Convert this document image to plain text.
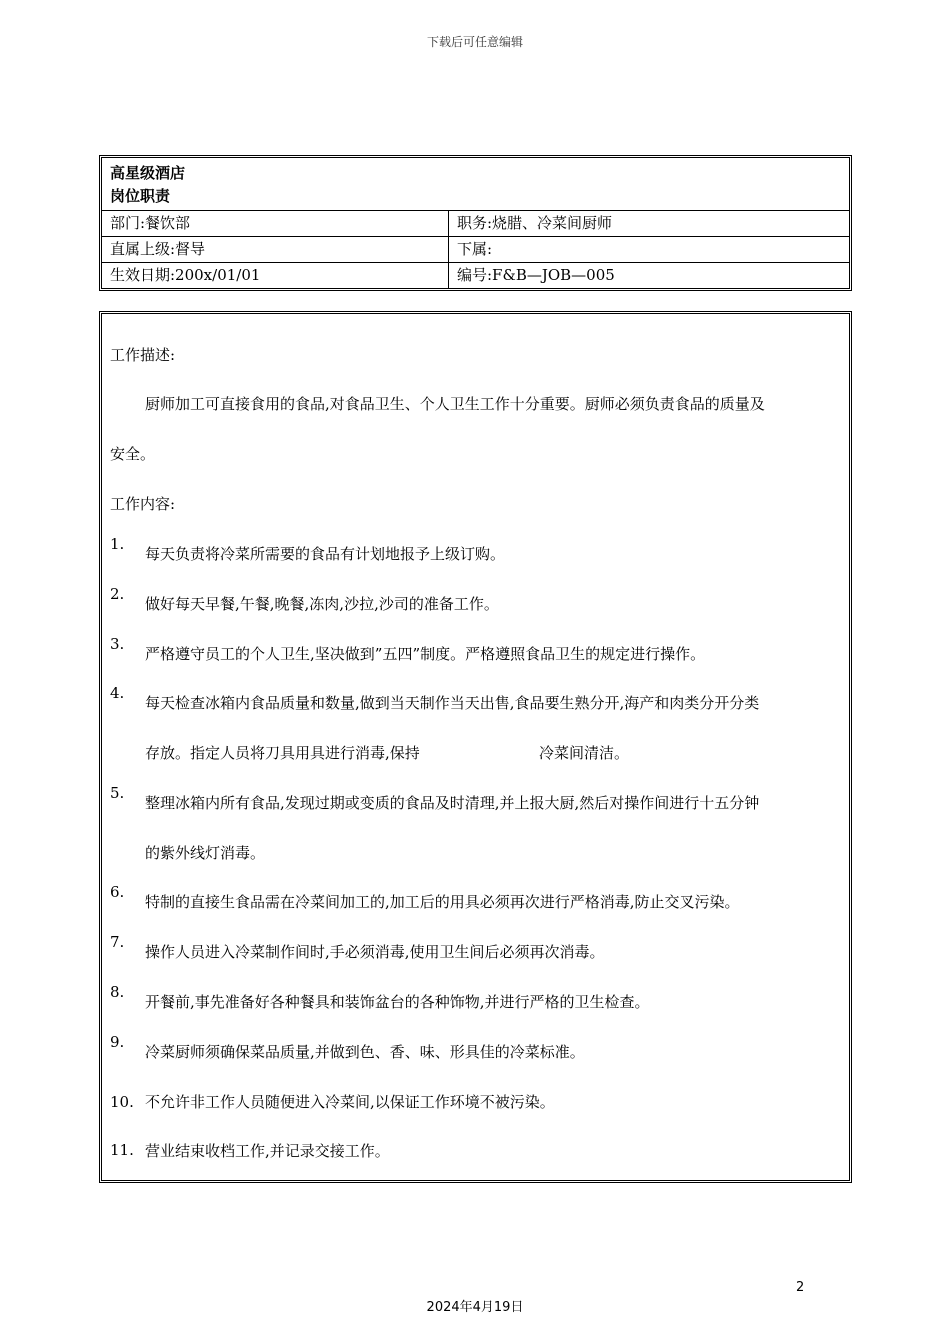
下载后可任意编辑
高星级酒店
岗位职责
部门:餐饮部	职务:烧腊、冷菜间厨师
直属上级:督导	下属:
生效日期:200x/01/01	编号:F&B—JOB—005
工作描述:
厨师加工可直接食用的食品,对食品卫生、个人卫生工作十分重要。厨师必须负责食品的质量及
安全。
工作内容:
1.
每天负责将冷菜所需要的食品有计划地报予上级订购。
2.
做好每天早餐,午餐,晚餐,冻肉,沙拉,沙司的准备工作。
3.
严格遵守员工的个人卫生,坚决做到”五四”制度。严格遵照食品卫生的规定进行操作。
4.
每天检查冰箱内食品质量和数量,做到当天制作当天出售,食品要生熟分开,海产和肉类分开分类
存放。指定人员将刀具用具进行消毒,保持	冷菜间清洁。
5.
整理冰箱内所有食品,发现过期或变质的食品及时清理,并上报大厨,然后对操作间进行十五分钟
的紫外线灯消毒。
6.
特制的直接生食品需在冷菜间加工的,加工后的用具必须再次进行严格消毒,防止交叉污染。
7.
操作人员进入冷菜制作间时,手必须消毒,使用卫生间后必须再次消毒。
8.
开餐前,事先准备好各种餐具和装饰盆台的各种饰物,并进行严格的卫生检查。
9.
冷菜厨师须确保菜品质量,并做到色、香、味、形具佳的冷菜标准。
10. 不允许非工作人员随便进入冷菜间,以保证工作环境不被污染。
11. 营业结束收档工作,并记录交接工作。
2
2024年4月19日
